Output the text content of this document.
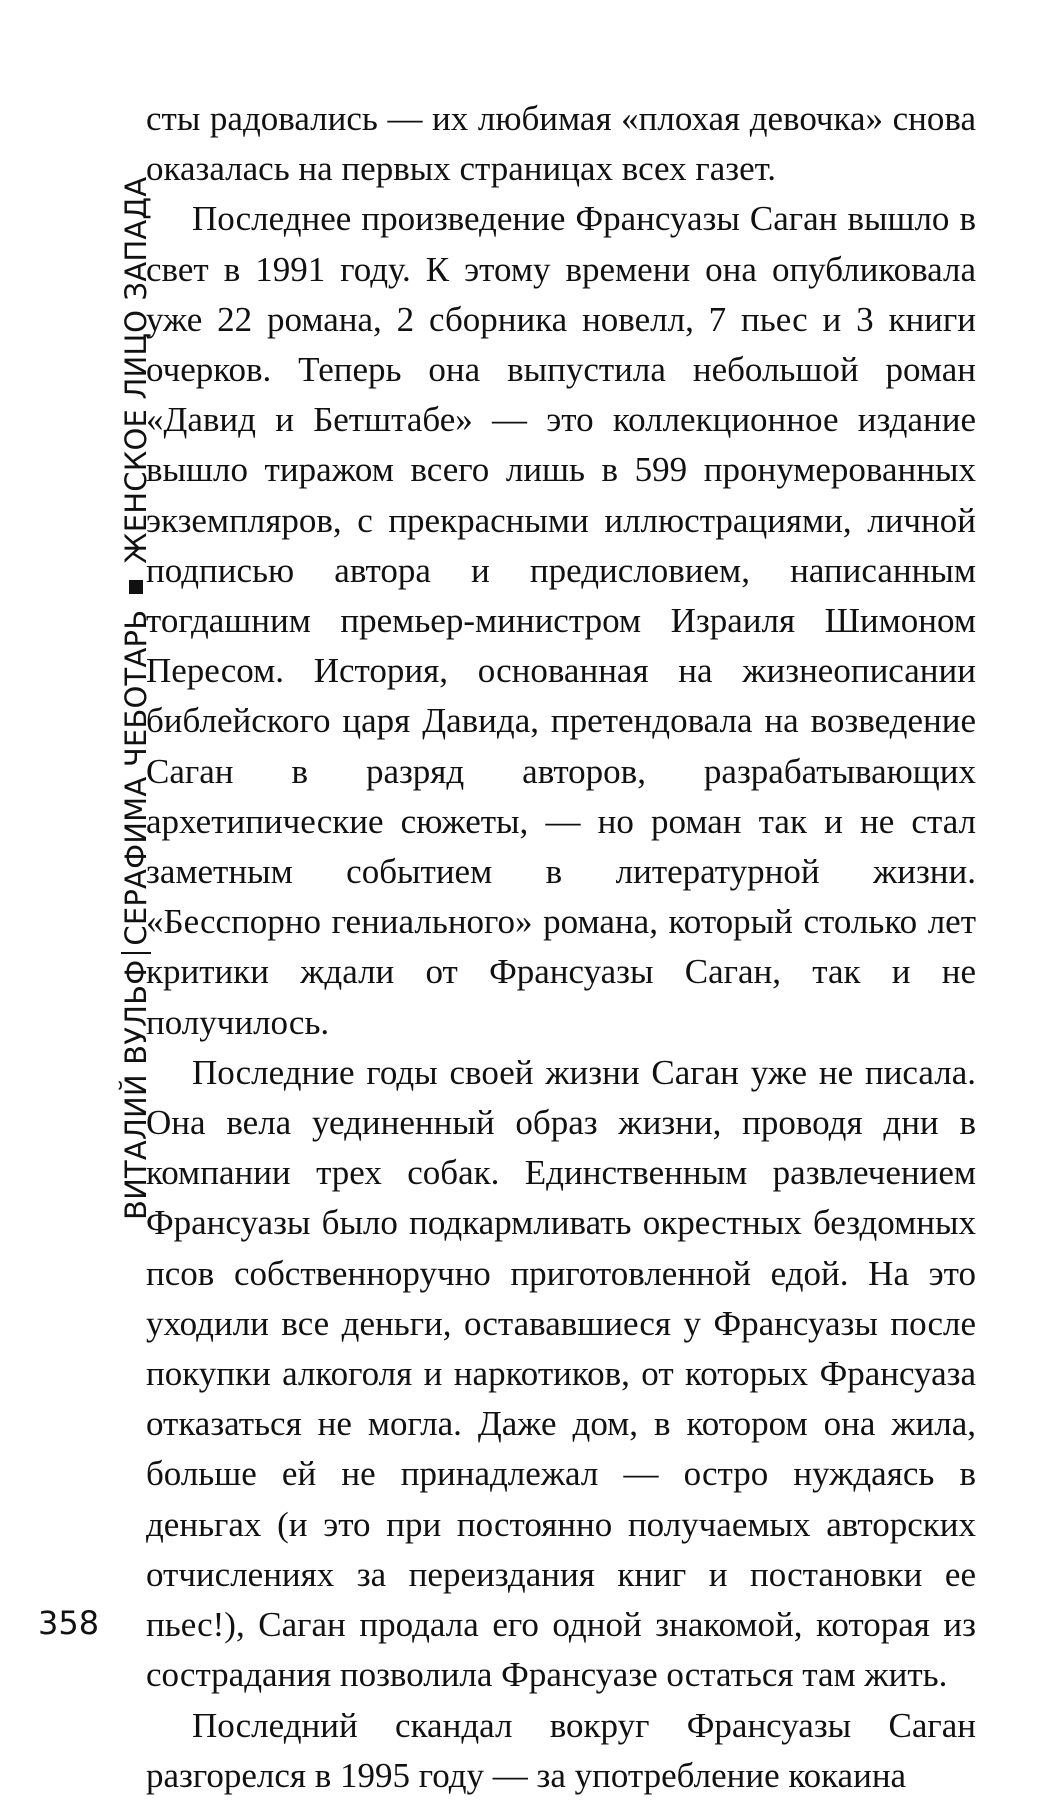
ВИТАЛИЙ ВУЛЬФСЕРАФИМА ЧЕБОТАРЬЖЕНСКОЕ ЛИЦО ЗАПАДА

сты радовались — их любимая «плохая девочка» снова оказалась на первых страницах всех газет.

Последнее произведение Франсуазы Саган вышло в свет в 1991 году. К этому времени она опубликовала уже 22 романа, 2 сборника новелл, 7 пьес и 3 книги очерков. Теперь она выпустила небольшой роман «Давид и Бетштабе» — это коллекционное издание вышло тиражом всего лишь в 599 пронумерованных экземпляров, с прекрасными иллюстрациями, личной подписью автора и предисловием, написанным тогдашним премьер-министром Израиля Шимоном Пересом. История, основанная на жизнеописании библейского царя Давида, претендовала на возведение Саган в разряд авторов, разрабатывающих архетипические сюжеты, — но роман так и не стал заметным событием в литературной жизни. «Бесспорно гениального» романа, который столько лет критики ждали от Франсуазы Саган, так и не получилось.

Последние годы своей жизни Саган уже не писала. Она вела уединенный образ жизни, проводя дни в компании трех собак. Единственным развлечением Франсуазы было подкармливать окрестных бездомных псов собственноручно приготовленной едой. На это уходили все деньги, остававшиеся у Франсуазы после покупки алкоголя и наркотиков, от которых Франсуаза отказаться не могла. Даже дом, в котором она жила, больше ей не принадлежал — остро нуждаясь в деньгах (и это при постоянно получаемых авторских отчислениях за переиздания книг и постановки ее пьес!), Саган продала его одной знакомой, которая из сострадания позволила Франсуазе остаться там жить.

Последний скандал вокруг Франсуазы Саган разгорелся в 1995 году — за употребление кокаина

358
